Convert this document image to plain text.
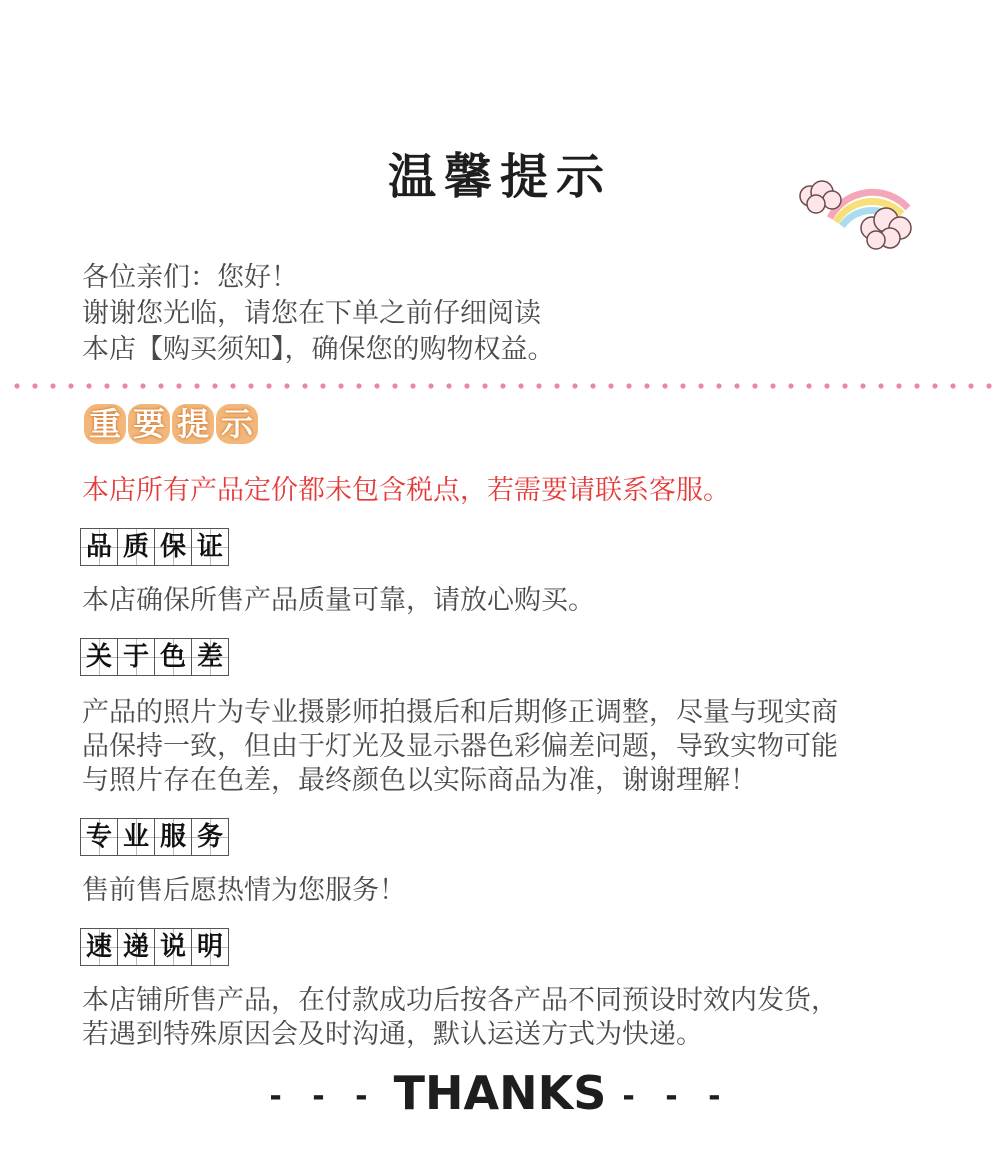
温馨提示
各位亲们：您好！
谢谢您光临，请您在下单之前仔细阅读
本店【购买须知】，确保您的购物权益。
重 要 提 示
本店所有产品定价都未包含税点，若需要请联系客服。
品 质 保 证
本店确保所售产品质量可靠，请放心购买。
关 于 色 差
产品的照片为专业摄影师拍摄后和后期修正调整，尽量与现实商
品保持一致，但由于灯光及显示器色彩偏差问题，导致实物可能
与照片存在色差，最终颜色以实际商品为准，谢谢理解！
专 业 服 务
售前售后愿热情为您服务！
速 递 说 明
本店铺所售产品，在付款成功后按各产品不同预设时效内发货，
若遇到特殊原因会及时沟通，默认运送方式为快递。
- - - THANKS - - -
